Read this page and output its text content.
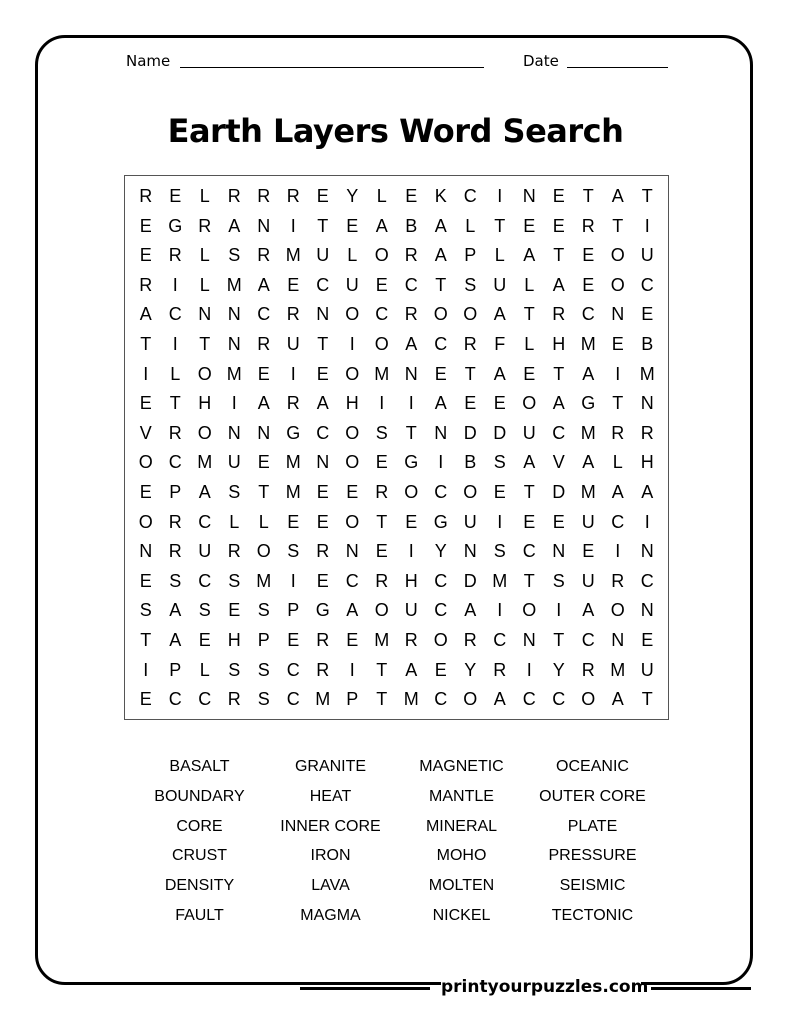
Name	Date
Earth Layers Word Search
R E	L	R R R E Y	L	E K C	I	N E	T A	T
E G R A N	I	T E A B A	L	T E E R T	I
E R L	S R M U L O R A P	L	A	T E O U
R	I	L M A E C U E C T S U L	A E O C
A C N N C R N O C R O O A	T R C N E
T	I	T N R U T	I	O A C R F	L	H M E B
I	L O M E	I	E O M N E	T A E	T A	I	M
E	T H	I	A R A H	I	I	A E E O A G T N
V R O N N G C O S	T N D D U C M R R
O C M U E M N O E G	I	B S A V A	L	H
E P A S	T M E E R O C O E	T D M A A
O R C L	L	E E O T E G U	I	E E U C	I
N R U R O S R N E	I	Y N S C N E	I	N
E S C S M	I	E C R H C D M T S U R C
S A S E S P G A O U C A	I	O	I	A O N
T A E H P E R E M R O R C N T C N E
I	P	L	S S C R	I	T A E Y R	I	Y R M U
E C C R S C M P	T M C O A C C O A	T
BASALT	GRANITE	MAGNETIC	OCEANIC
BOUNDARY	HEAT	MANTLE	OUTER CORE
CORE	INNER CORE	MINERAL	PLATE
CRUST	IRON	MOHO	PRESSURE
DENSITY	LAVA	MOLTEN	SEISMIC
FAULT	MAGMA	NICKEL	TECTONIC
printyourpuzzles.com
